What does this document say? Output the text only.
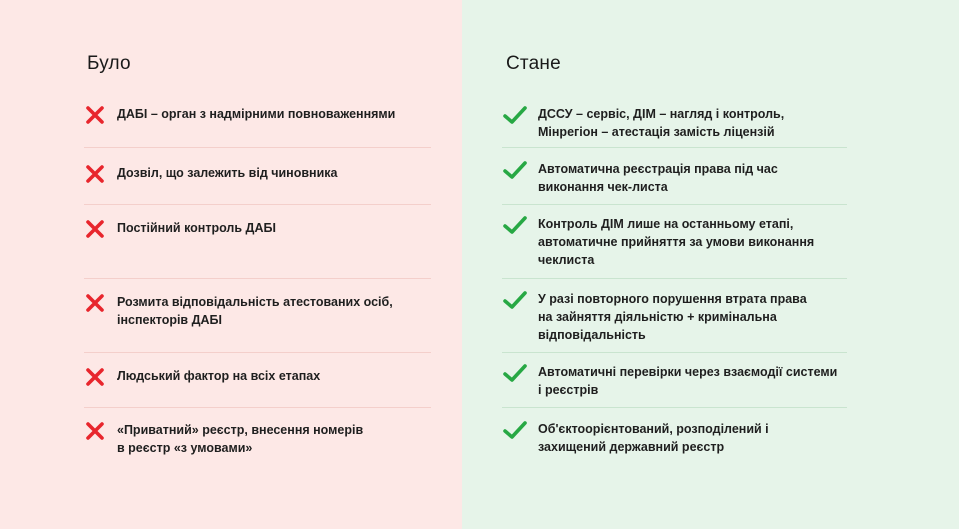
Було	Стане
ДАБІ – орган з надмірними повноваженнями
Дозвіл, що залежить від чиновника
Постійний контроль ДАБІ
Розмита відповідальність атестованих осіб,
інспекторів ДАБІ
Людський фактор на всіх етапах
«Приватний» реєстр, внесення номерів
в реєстр «з умовами»
ДССУ – сервіс, ДІМ – нагляд і контроль,
Мінрегіон – атестація замість ліцензій
Автоматична реєстрація права під час
виконання чек-листа
Контроль ДІМ лише на останньому етапі,
автоматичне прийняття за умови виконання
чеклиста
У разі повторного порушення втрата права
на зайняття діяльністю + кримінальна
відповідальність
Автоматичні перевірки через взаємодії системи
і реєстрів
Об'єктоорієнтований, розподілений і
захищений державний реєстр
